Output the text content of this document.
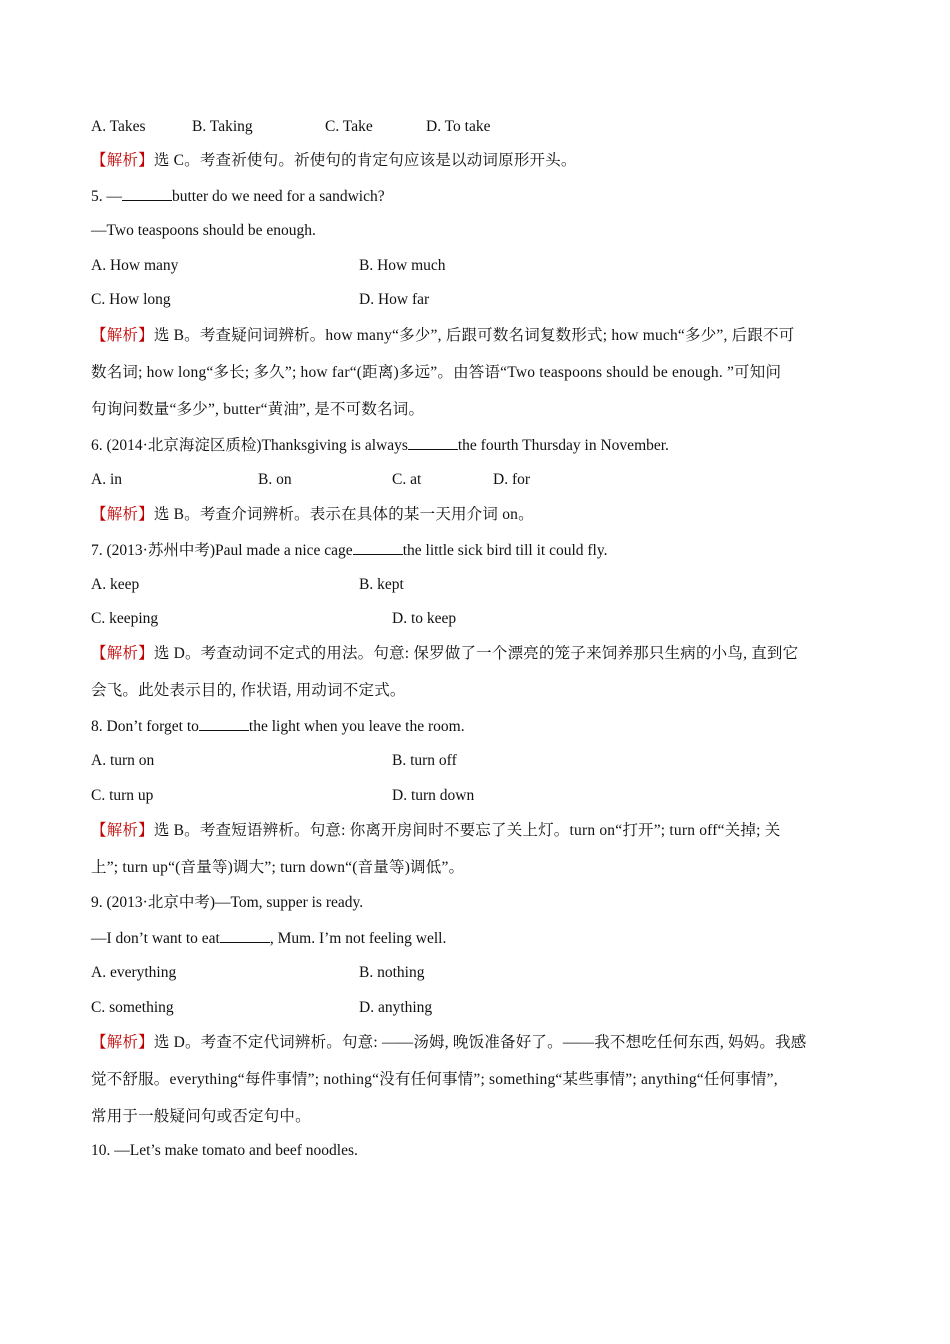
A. Takes	B. Taking	C. Take	D. To take
【解析】选 C。考查祈使句。祈使句的肯定句应该是以动词原形开头。
5. —	butter do we need for a sandwich?
—Two teaspoons should be enough.
A. How many	B. How much
C. How long	D. How far
【解析】选 B。考查疑问词辨析。how many“多少”, 后跟可数名词复数形式; how much“多少”, 后跟不可
数名词; how long“多长; 多久”; how far“(距离)多远”。由答语“Two teaspoons should be enough. ”可知问
句询问数量“多少”, butter“黄油”, 是不可数名词。
6. (2014·北京海淀区质检)Thanksgiving is always	the fourth Thursday in November.
A. in	B. on	C. at	D. for
【解析】选 B。考查介词辨析。表示在具体的某一天用介词 on。
7. (2013·苏州中考)Paul made a nice cage	the little sick bird till it could fly.
A. keep	B. kept
C. keeping	D. to keep
【解析】选 D。考查动词不定式的用法。句意: 保罗做了一个漂亮的笼子来饲养那只生病的小鸟, 直到它
会飞。此处表示目的, 作状语, 用动词不定式。
8. Don’t forget to	the light when you leave the room.
A. turn on	B. turn off
C. turn up	D. turn down
【解析】选 B。考查短语辨析。句意: 你离开房间时不要忘了关上灯。turn on“打开”; turn off“关掉; 关
上”; turn up“(音量等)调大”; turn down“(音量等)调低”。
9. (2013·北京中考)—Tom, supper is ready.
—I don’t want to eat	, Mum. I’m not feeling well.
A. everything	B. nothing
C. something	D. anything
【解析】选 D。考查不定代词辨析。句意: ——汤姆, 晚饭准备好了。——我不想吃任何东西, 妈妈。我感
觉不舒服。everything“每件事情”; nothing“没有任何事情”; something“某些事情”; anything“任何事情”,
常用于一般疑问句或否定句中。
10. —Let’s make tomato and beef noodles.
